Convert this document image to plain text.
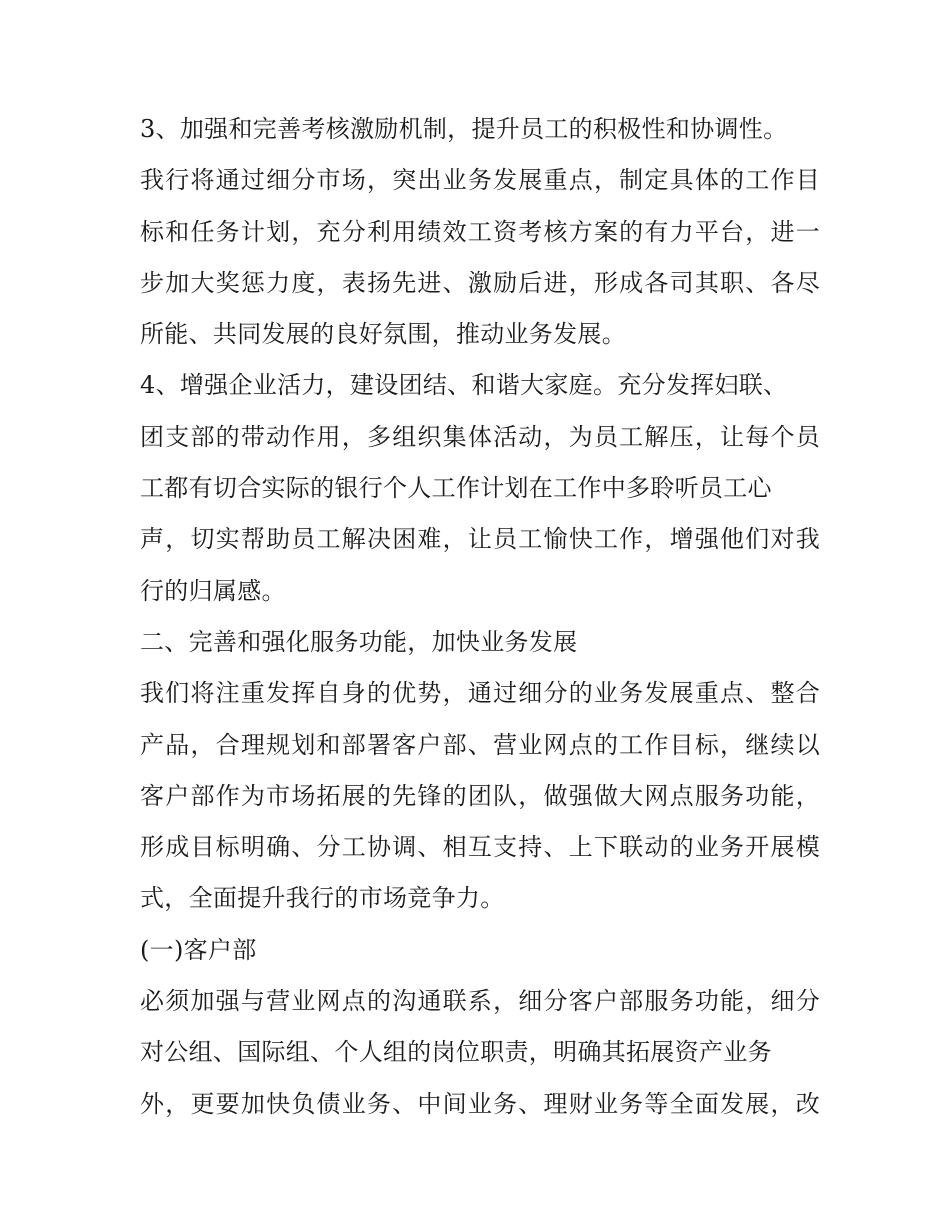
3、加强和完善考核激励机制，提升员工的积极性和协调性。
我行将通过细分市场，突出业务发展重点，制定具体的工作目
标和任务计划，充分利用绩效工资考核方案的有力平台，进一
步加大奖惩力度，表扬先进、激励后进，形成各司其职、各尽
所能、共同发展的良好氛围，推动业务发展。
4、增强企业活力，建设团结、和谐大家庭。充分发挥妇联、
团支部的带动作用，多组织集体活动，为员工解压，让每个员
工都有切合实际的银行个人工作计划在工作中多聆听员工心
声，切实帮助员工解决困难，让员工愉快工作，增强他们对我
行的归属感。
二、完善和强化服务功能，加快业务发展
我们将注重发挥自身的优势，通过细分的业务发展重点、整合
产品，合理规划和部署客户部、营业网点的工作目标，继续以
客户部作为市场拓展的先锋的团队，做强做大网点服务功能，
形成目标明确、分工协调、相互支持、上下联动的业务开展模
式，全面提升我行的市场竞争力。
(一)客户部
必须加强与营业网点的沟通联系，细分客户部服务功能，细分
对公组、国际组、个人组的岗位职责，明确其拓展资产业务
外，更要加快负债业务、中间业务、理财业务等全面发展，改
